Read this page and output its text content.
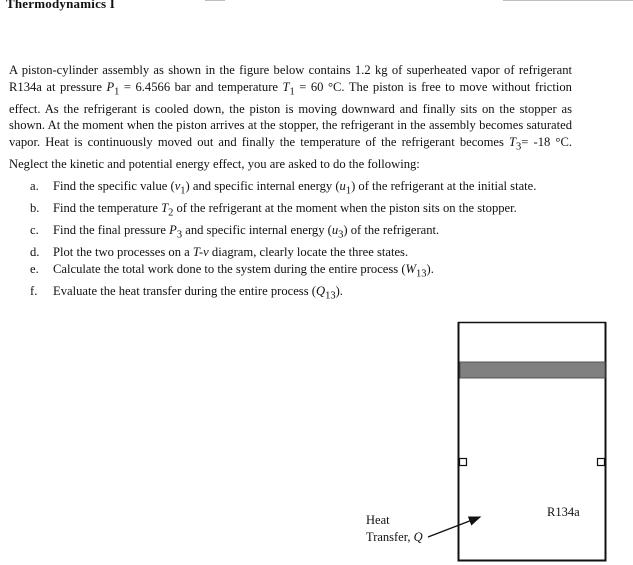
Thermodynamics I
A piston-cylinder assembly as shown in the figure below contains 1.2 kg of superheated vapor of refrigerant R134a at pressure $P_1 = 6.4566$ bar and temperature $T_1 = 60$ °C. The piston is free to move without friction effect. As the refrigerant is cooled down, the piston is moving downward and finally sits on the stopper as shown. At the moment when the piston arrives at the stopper, the refrigerant in the assembly becomes saturated vapor. Heat is continuously moved out and finally the temperature of the refrigerant becomes $T_3= -18$ °C. Neglect the kinetic and potential energy effect, you are asked to do the following:
a. Find the specific value $(v_1)$ and specific internal energy $(u_1)$ of the refrigerant at the initial state.
b. Find the temperature $T_2$ of the refrigerant at the moment when the piston sits on the stopper.
c. Find the final pressure $P_3$ and specific internal energy $(u_3)$ of the refrigerant.
d. Plot the two processes on a T-v diagram, clearly locate the three states.
e. Calculate the total work done to the system during the entire process $(W_{13})$.
f. Evaluate the heat transfer during the entire process $(Q_{13})$.
R134a
Heat
Transfer, Q
